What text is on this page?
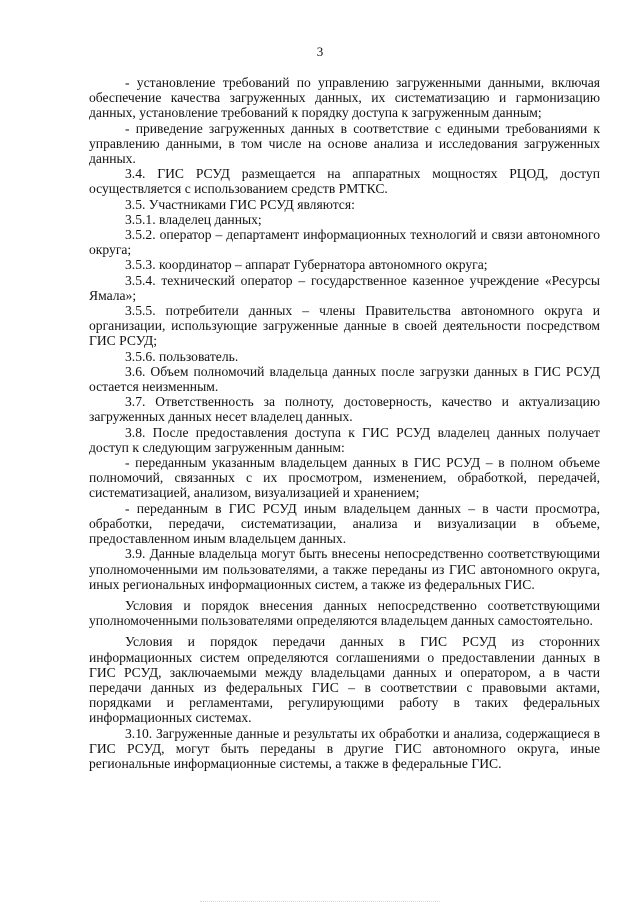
3

- установление требований по управлению загруженными данными, включая обеспечение качества загруженных данных, их систематизацию и гармонизацию данных, установление требований к порядку доступа к загруженным данным;

- приведение загруженных данных в соответствие с едиными требованиями к управлению данными, в том числе на основе анализа и исследования загруженных данных.

3.4. ГИС РСУД размещается на аппаратных мощностях РЦОД, доступ осуществляется с использованием средств РМТКС.

3.5. Участниками ГИС РСУД являются:

3.5.1. владелец данных;

3.5.2. оператор – департамент информационных технологий и связи автономного округа;

3.5.3. координатор – аппарат Губернатора автономного округа;

3.5.4. технический оператор – государственное казенное учреждение «Ресурсы Ямала»;

3.5.5. потребители данных – члены Правительства автономного округа и организации, использующие загруженные данные в своей деятельности посредством ГИС РСУД;

3.5.6. пользователь.

3.6. Объем полномочий владельца данных после загрузки данных в ГИС РСУД остается неизменным.

3.7. Ответственность за полноту, достоверность, качество и актуализацию загруженных данных несет владелец данных.

3.8. После предоставления доступа к ГИС РСУД владелец данных получает доступ к следующим загруженным данным:

- переданным указанным владельцем данных в ГИС РСУД – в полном объеме полномочий, связанных с их просмотром, изменением, обработкой, передачей, систематизацией, анализом, визуализацией и хранением;

- переданным в ГИС РСУД иным владельцем данных – в части просмотра, обработки, передачи, систематизации, анализа и визуализации в объеме, предоставленном иным владельцем данных.

3.9. Данные владельца могут быть внесены непосредственно соответствующими уполномоченными им пользователями, а также переданы из ГИС автономного округа, иных региональных информационных систем, а также из федеральных ГИС.

Условия и порядок внесения данных непосредственно соответствующими уполномоченными пользователями определяются владельцем данных самостоятельно.

Условия и порядок передачи данных в ГИС РСУД из сторонних информационных систем определяются соглашениями о предоставлении данных в ГИС РСУД, заключаемыми между владельцами данных и оператором, а в части передачи данных из федеральных ГИС – в соответствии с правовыми актами, порядками и регламентами, регулирующими работу в таких федеральных информационных системах.

3.10. Загруженные данные и результаты их обработки и анализа, содержащиеся в ГИС РСУД, могут быть переданы в другие ГИС автономного округа, иные региональные информационные системы, а также в федеральные ГИС.
